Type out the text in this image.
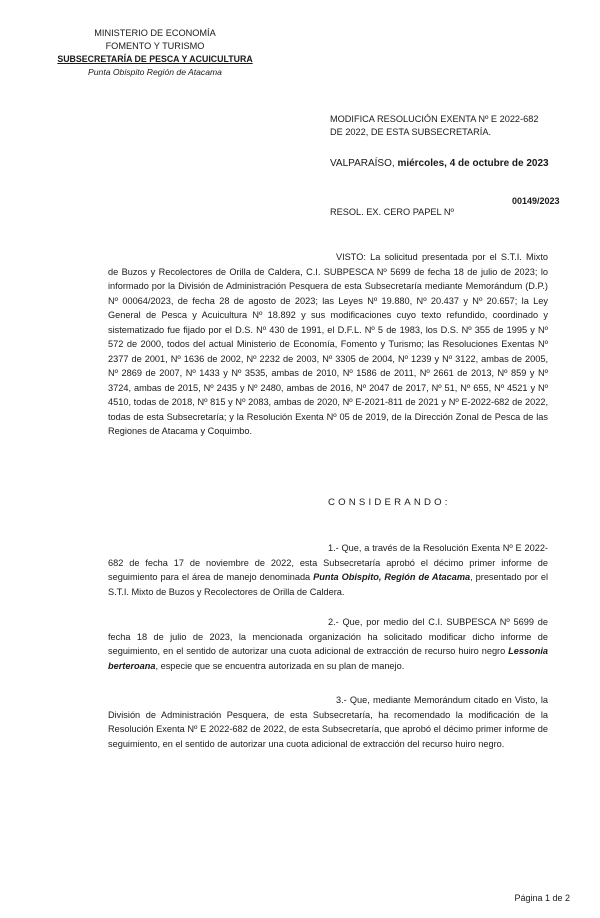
MINISTERIO DE ECONOMÍA
FOMENTO Y TURISMO
SUBSECRETARÍA DE PESCA Y ACUICULTURA
Punta Obispito Región de Atacama
MODIFICA RESOLUCIÓN EXENTA Nº E 2022-682
DE 2022, DE ESTA SUBSECRETARÍA.
VALPARAÍSO, miércoles, 4 de octubre de 2023
00149/2023
RESOL. EX. CERO PAPEL Nº
VISTO: La solicitud presentada por el S.T.I. Mixto de Buzos y Recolectores de Orilla de Caldera, C.I. SUBPESCA Nº 5699 de fecha 18 de julio de 2023; lo informado por la División de Administración Pesquera de esta Subsecretaría mediante Memorándum (D.P.) Nº 00064/2023, de fecha 28 de agosto de 2023; las Leyes Nº 19.880, Nº 20.437 y Nº 20.657; la Ley General de Pesca y Acuicultura Nº 18.892 y sus modificaciones cuyo texto refundido, coordinado y sistematizado fue fijado por el D.S. Nº 430 de 1991, el D.F.L. Nº 5 de 1983, los D.S. Nº 355 de 1995 y Nº 572 de 2000, todos del actual Ministerio de Economía, Fomento y Turismo; las Resoluciones Exentas Nº 2377 de 2001, Nº 1636 de 2002, Nº 2232 de 2003, Nº 3305 de 2004, Nº 1239 y Nº 3122, ambas de 2005, Nº 2869 de 2007, Nº 1433 y Nº 3535, ambas de 2010, Nº 1586 de 2011, Nº 2661 de 2013, Nº 859 y Nº 3724, ambas de 2015, Nº 2435 y Nº 2480, ambas de 2016, Nº 2047 de 2017, Nº 51, Nº 655, Nº 4521 y Nº 4510, todas de 2018, Nº 815 y Nº 2083, ambas de 2020, Nº E-2021-811 de 2021 y Nº E-2022-682 de 2022, todas de esta Subsecretaría; y la Resolución Exenta Nº 05 de 2019, de la Dirección Zonal de Pesca de las Regiones de Atacama y Coquimbo.
CONSIDERANDO:
1.- Que, a través de la Resolución Exenta Nº E 2022-682 de fecha 17 de noviembre de 2022, esta Subsecretaría aprobó el décimo primer informe de seguimiento para el área de manejo denominada Punta Obispito, Región de Atacama, presentado por el S.T.I. Mixto de Buzos y Recolectores de Orilla de Caldera.
2.- Que, por medio del C.I. SUBPESCA Nº 5699 de fecha 18 de julio de 2023, la mencionada organización ha solicitado modificar dicho informe de seguimiento, en el sentido de autorizar una cuota adicional de extracción de recurso huiro negro Lessonia berteroana, especie que se encuentra autorizada en su plan de manejo.
3.- Que, mediante Memorándum citado en Visto, la División de Administración Pesquera, de esta Subsecretaría, ha recomendado la modificación de la Resolución Exenta Nº E 2022-682 de 2022, de esta Subsecretaría, que aprobó el décimo primer informe de seguimiento, en el sentido de autorizar una cuota adicional de extracción del recurso huiro negro.
Página 1 de 2
